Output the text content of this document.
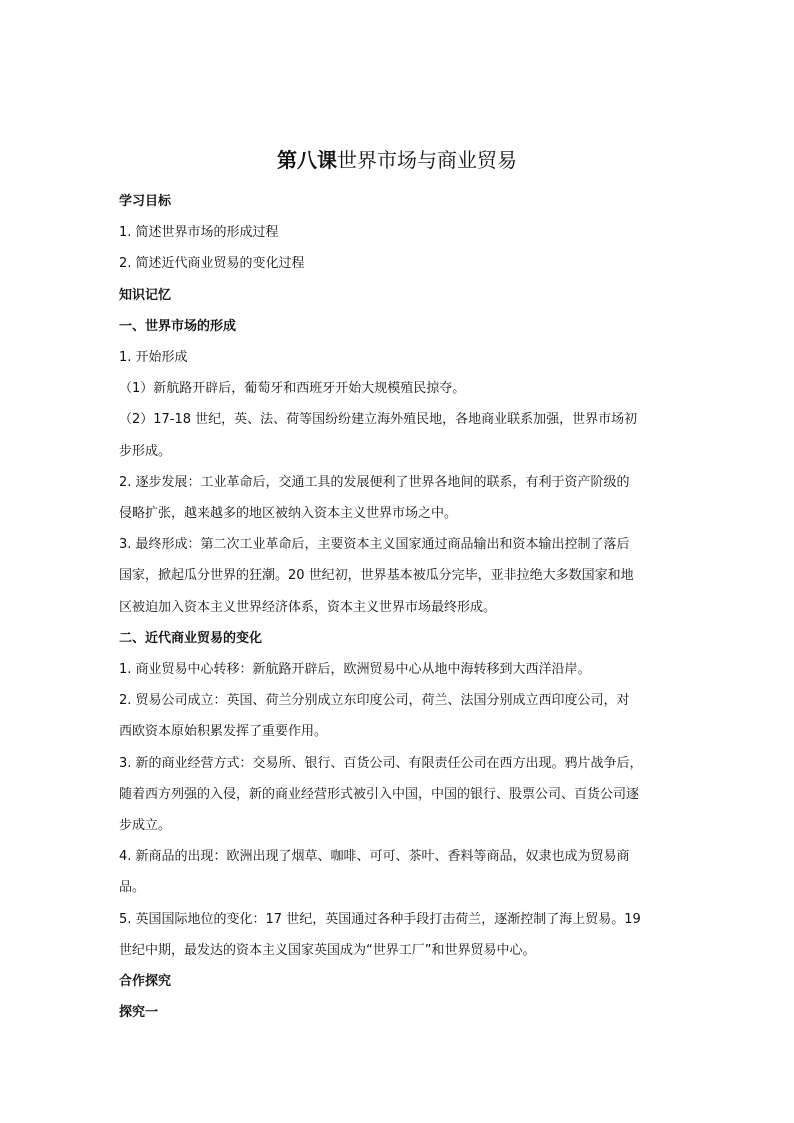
第八课世界市场与商业贸易

学习目标

1. 简述世界市场的形成过程

2. 简述近代商业贸易的变化过程

知识记忆

一、世界市场的形成

1. 开始形成

（1）新航路开辟后，葡萄牙和西班牙开始大规模殖民掠夺。

（2）17-18 世纪，英、法、荷等国纷纷建立海外殖民地，各地商业联系加强，世界市场初

步形成。

2. 逐步发展：工业革命后，交通工具的发展便利了世界各地间的联系，有利于资产阶级的

侵略扩张，越来越多的地区被纳入资本主义世界市场之中。

3. 最终形成：第二次工业革命后，主要资本主义国家通过商品输出和资本输出控制了落后

国家，掀起瓜分世界的狂潮。20 世纪初，世界基本被瓜分完毕，亚非拉绝大多数国家和地

区被迫加入资本主义世界经济体系，资本主义世界市场最终形成。

二、近代商业贸易的变化

1. 商业贸易中心转移：新航路开辟后，欧洲贸易中心从地中海转移到大西洋沿岸。

2. 贸易公司成立：英国、荷兰分别成立东印度公司，荷兰、法国分别成立西印度公司，对

西欧资本原始积累发挥了重要作用。

3. 新的商业经营方式：交易所、银行、百货公司、有限责任公司在西方出现。鸦片战争后，

随着西方列强的入侵，新的商业经营形式被引入中国，中国的银行、股票公司、百货公司逐

步成立。

4. 新商品的出现：欧洲出现了烟草、咖啡、可可、茶叶、香料等商品，奴隶也成为贸易商

品。

5. 英国国际地位的变化：17 世纪，英国通过各种手段打击荷兰，逐渐控制了海上贸易。19

世纪中期，最发达的资本主义国家英国成为“世界工厂”和世界贸易中心。

合作探究

探究一
